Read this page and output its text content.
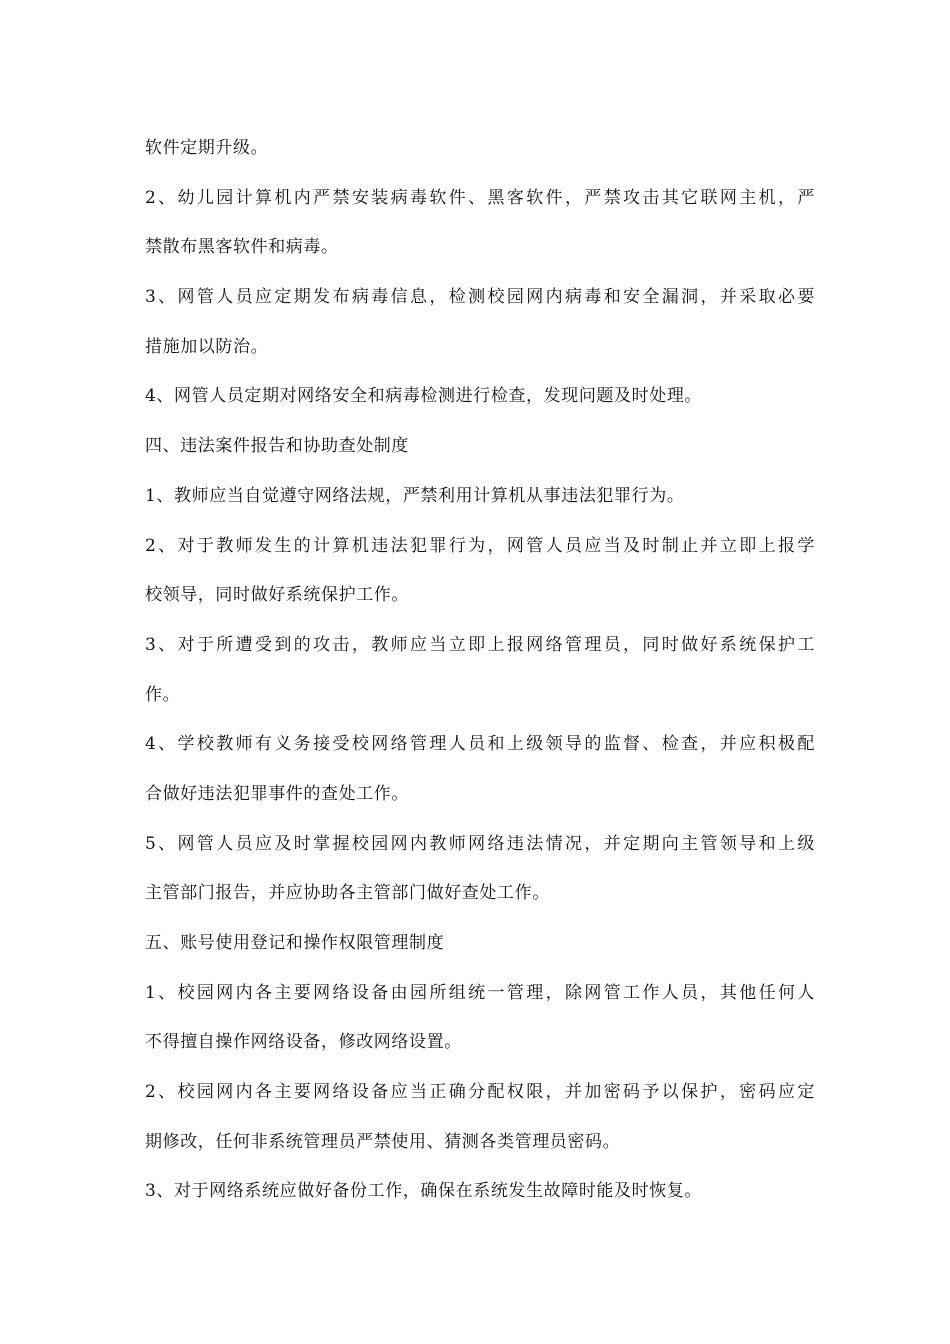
软件定期升级。
2、幼儿园计算机内严禁安装病毒软件、黑客软件，严禁攻击其它联网主机，严
禁散布黑客软件和病毒。
3、网管人员应定期发布病毒信息，检测校园网内病毒和安全漏洞，并采取必要
措施加以防治。
4、网管人员定期对网络安全和病毒检测进行检查，发现问题及时处理。
四、违法案件报告和协助查处制度
1、教师应当自觉遵守网络法规，严禁利用计算机从事违法犯罪行为。
2、对于教师发生的计算机违法犯罪行为，网管人员应当及时制止并立即上报学
校领导，同时做好系统保护工作。
3、对于所遭受到的攻击，教师应当立即上报网络管理员，同时做好系统保护工
作。
4、学校教师有义务接受校网络管理人员和上级领导的监督、检查，并应积极配
合做好违法犯罪事件的查处工作。
5、网管人员应及时掌握校园网内教师网络违法情况，并定期向主管领导和上级
主管部门报告，并应协助各主管部门做好查处工作。
五、账号使用登记和操作权限管理制度
1、校园网内各主要网络设备由园所组统一管理，除网管工作人员，其他任何人
不得擅自操作网络设备，修改网络设置。
2、校园网内各主要网络设备应当正确分配权限，并加密码予以保护，密码应定
期修改，任何非系统管理员严禁使用、猜测各类管理员密码。
3、对于网络系统应做好备份工作，确保在系统发生故障时能及时恢复。
